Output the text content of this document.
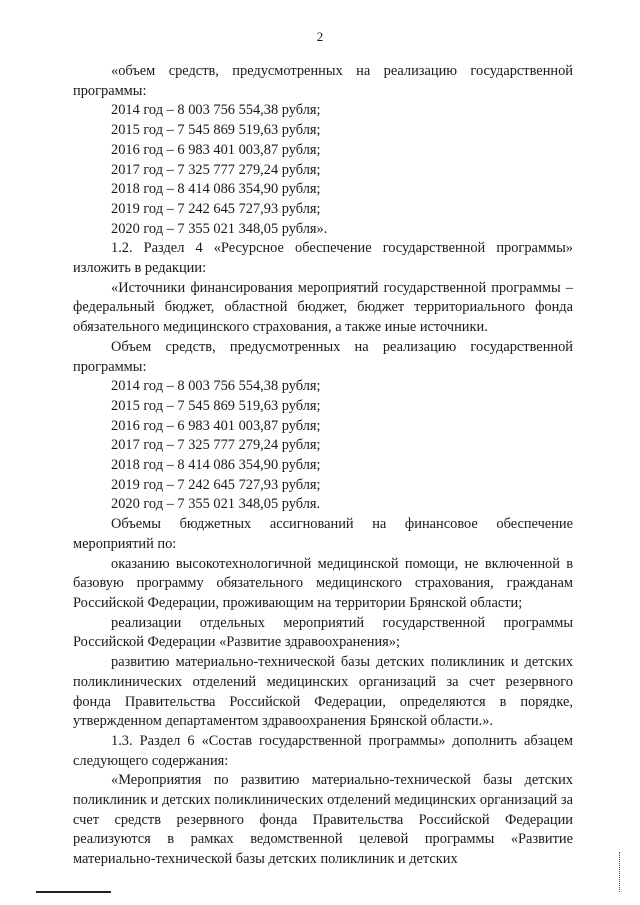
2

«объем средств, предусмотренных на реализацию государственной программы:

2014 год – 8 003 756 554,38 рубля;

2015 год – 7 545 869 519,63 рубля;

2016 год – 6 983 401 003,87 рубля;

2017 год – 7 325 777 279,24 рубля;

2018 год – 8 414 086 354,90 рубля;

2019 год – 7 242 645 727,93 рубля;

2020 год – 7 355 021 348,05 рубля».

1.2. Раздел 4 «Ресурсное обеспечение государственной программы» изложить в редакции:

«Источники финансирования мероприятий государственной программы – федеральный бюджет, областной бюджет, бюджет территориального фонда обязательного медицинского страхования, а также иные источники.

Объем средств, предусмотренных на реализацию государственной программы:

2014 год – 8 003 756 554,38 рубля;

2015 год – 7 545 869 519,63 рубля;

2016 год – 6 983 401 003,87 рубля;

2017 год – 7 325 777 279,24 рубля;

2018 год – 8 414 086 354,90 рубля;

2019 год – 7 242 645 727,93 рубля;

2020 год – 7 355 021 348,05 рубля.

Объемы бюджетных ассигнований на финансовое обеспечение мероприятий по:

оказанию высокотехнологичной медицинской помощи, не включенной в базовую программу обязательного медицинского страхования, гражданам Российской Федерации, проживающим на территории Брянской области;

реализации отдельных мероприятий государственной программы Российской Федерации «Развитие здравоохранения»;

развитию материально-технической базы детских поликлиник и детских поликлинических отделений медицинских организаций за счет резервного фонда Правительства Российской Федерации, определяются в порядке, утвержденном департаментом здравоохранения Брянской области.».

1.3. Раздел 6 «Состав государственной программы» дополнить абзацем следующего содержания:

«Мероприятия по развитию материально-технической базы детских поликлиник и детских поликлинических отделений медицинских организаций за счет средств резервного фонда Правительства Российской Федерации реализуются в рамках ведомственной целевой программы «Развитие материально-технической базы детских поликлиник и детских
